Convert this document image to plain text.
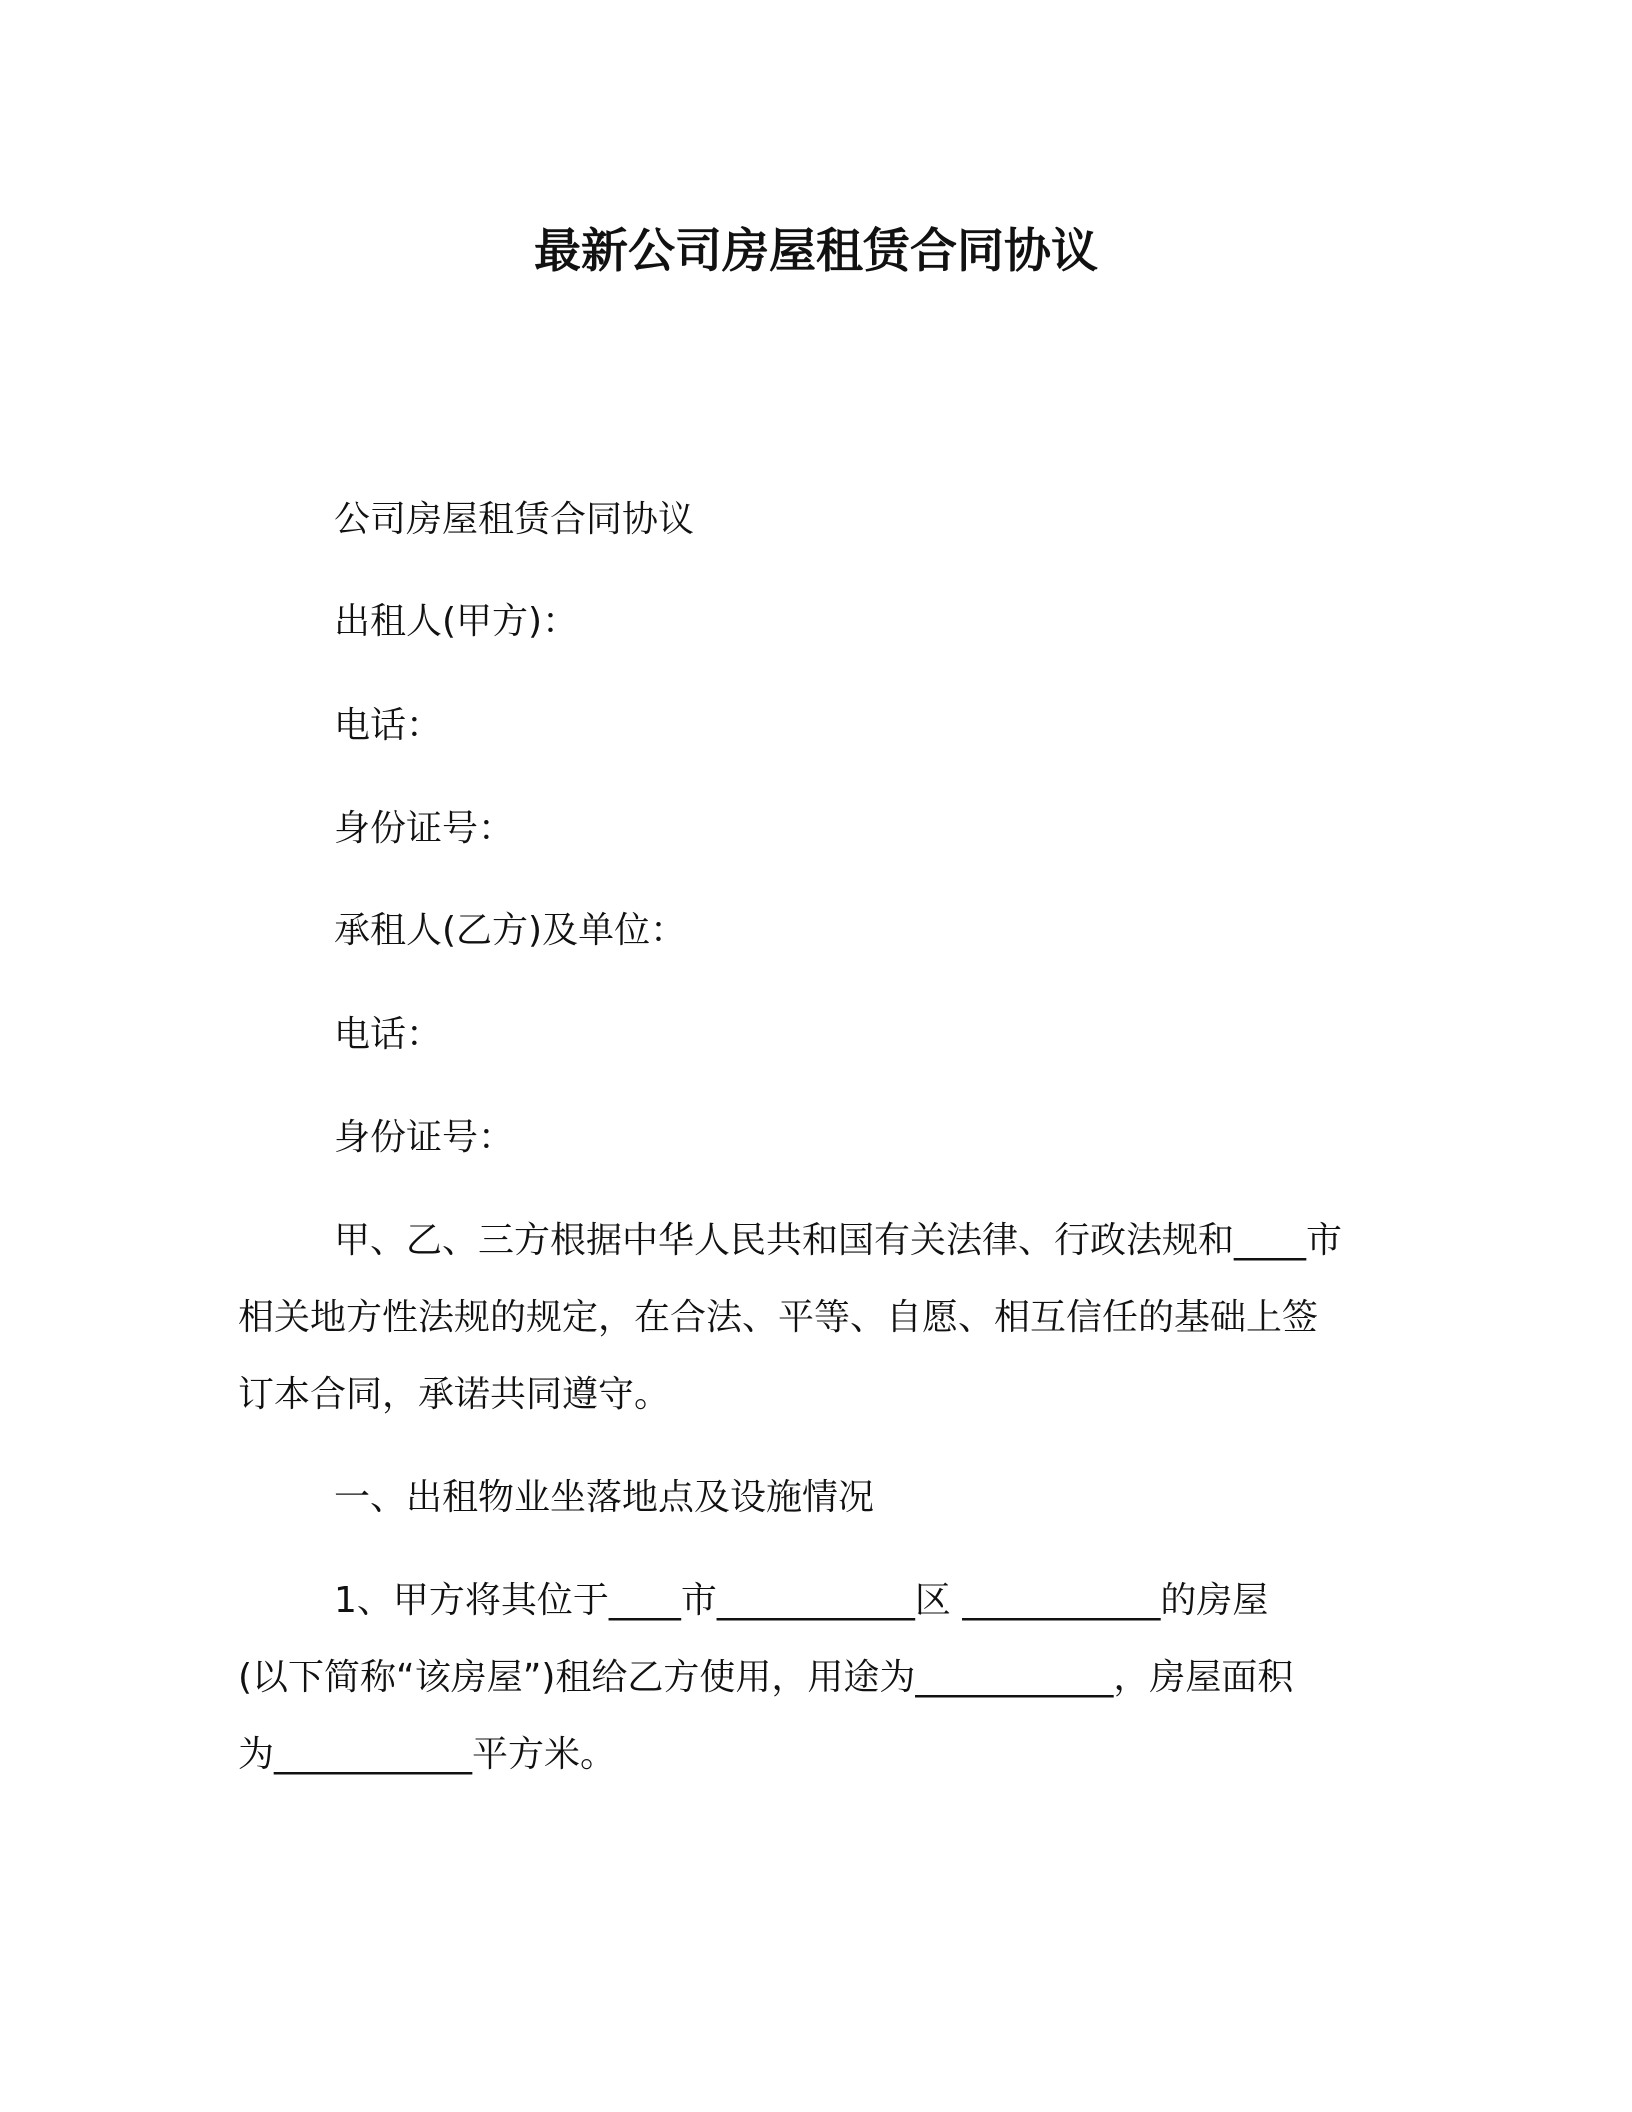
最新公司房屋租赁合同协议

公司房屋租赁合同协议

出租人(甲方)：

电话：

身份证号：

承租人(乙方)及单位：

电话：

身份证号：

甲、乙、三方根据中华人民共和国有关法律、行政法规和____市

相关地方性法规的规定，在合法、平等、自愿、相互信任的基础上签

订本合同，承诺共同遵守。

一、出租物业坐落地点及设施情况

1、甲方将其位于____市___________区 ___________的房屋

(以下简称“该房屋”)租给乙方使用，用途为___________，房屋面积

为___________平方米。
